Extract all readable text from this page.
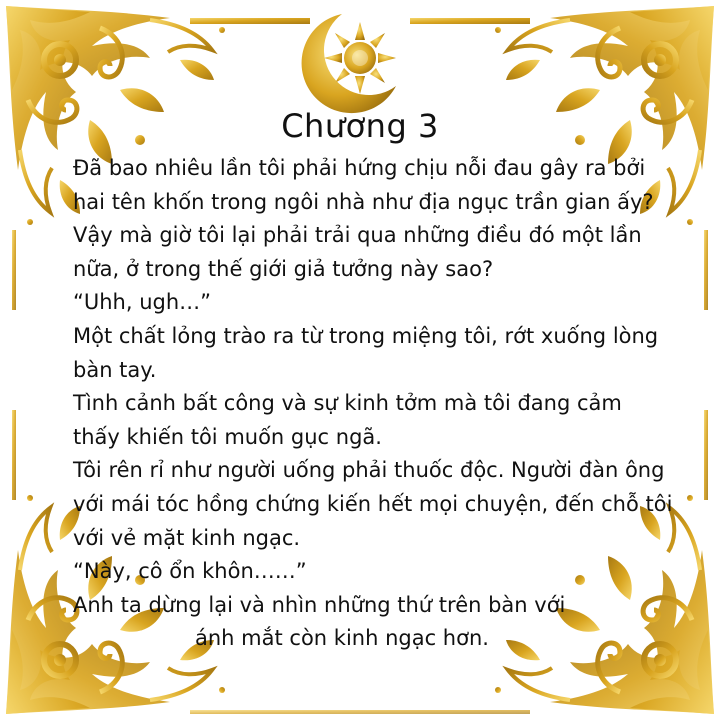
Chương 3

Đã bao nhiêu lần tôi phải hứng chịu nỗi đau gây ra bởi hai tên khốn trong ngôi nhà như địa ngục trần gian ấy?

Vậy mà giờ tôi lại phải trải qua những điều đó một lần nữa, ở trong thế giới giả tưởng này sao?

“Uhh, ugh…”

Một chất lỏng trào ra từ trong miệng tôi, rớt xuống lòng bàn tay.

Tình cảnh bất công và sự kinh tởm mà tôi đang cảm thấy khiến tôi muốn gục ngã.

Tôi rên rỉ như người uống phải thuốc độc. Người đàn ông với mái tóc hồng chứng kiến hết mọi chuyện, đến chỗ tôi với vẻ mặt kinh ngạc.

“Này, cô ổn khôn……”

Anh ta dừng lại và nhìn những thứ trên bàn với
ánh mắt còn kinh ngạc hơn.
